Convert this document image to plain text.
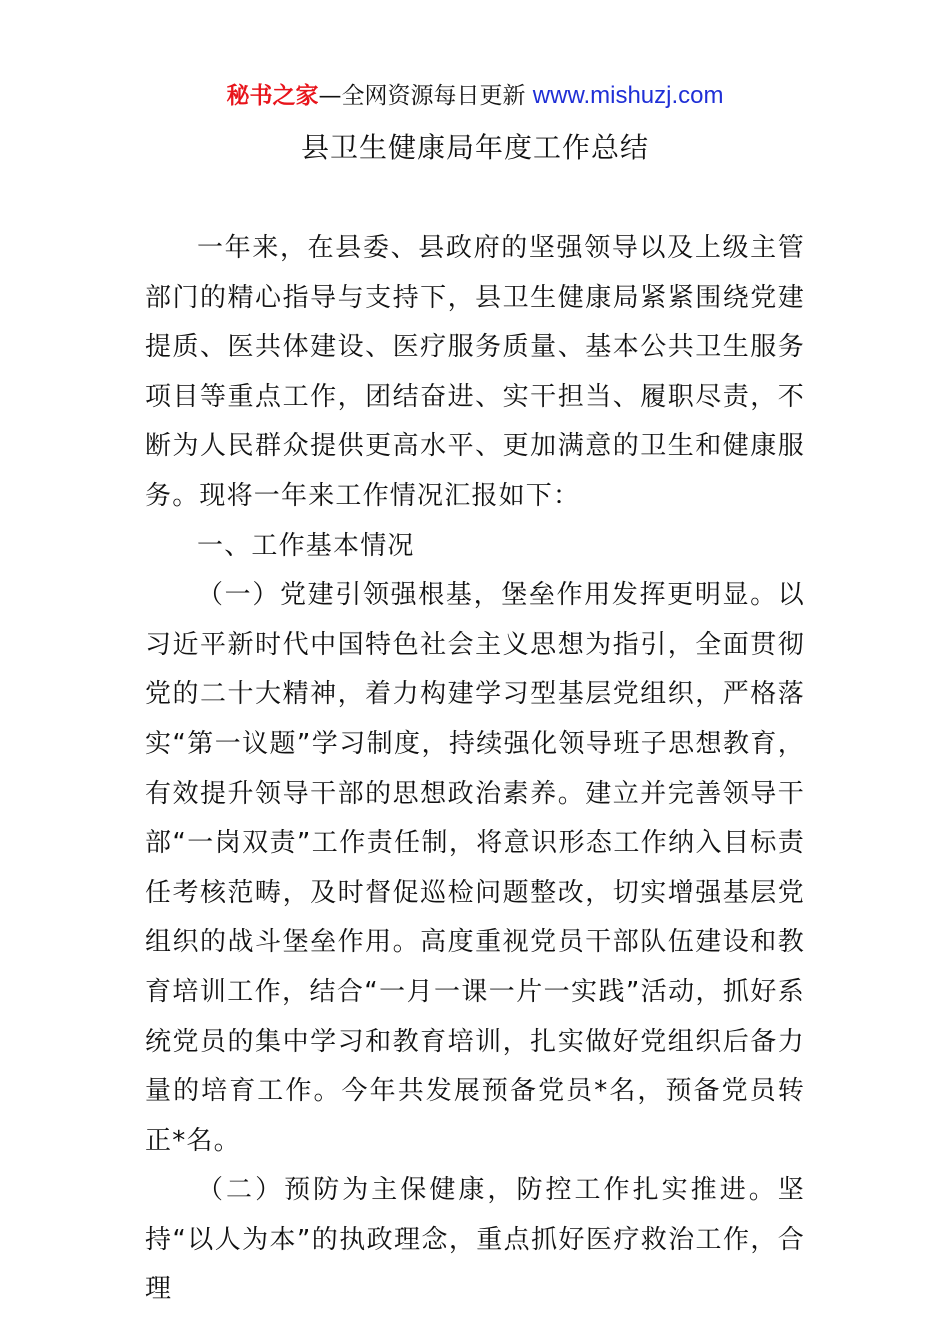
秘书之家—全网资源每日更新 www.mishuzj.com
县卫生健康局年度工作总结

一年来，在县委、县政府的坚强领导以及上级主管部门的精心指导与支持下，县卫生健康局紧紧围绕党建提质、医共体建设、医疗服务质量、基本公共卫生服务项目等重点工作，团结奋进、实干担当、履职尽责，不断为人民群众提供更高水平、更加满意的卫生和健康服务。现将一年来工作情况汇报如下：

一、工作基本情况

（一）党建引领强根基，堡垒作用发挥更明显。以习近平新时代中国特色社会主义思想为指引，全面贯彻党的二十大精神，着力构建学习型基层党组织，严格落实“第一议题”学习制度，持续强化领导班子思想教育，有效提升领导干部的思想政治素养。建立并完善领导干部“一岗双责”工作责任制，将意识形态工作纳入目标责任考核范畴，及时督促巡检问题整改，切实增强基层党组织的战斗堡垒作用。高度重视党员干部队伍建设和教育培训工作，结合“一月一课一片一实践”活动，抓好系统党员的集中学习和教育培训，扎实做好党组织后备力量的培育工作。今年共发展预备党员*名，预备党员转正*名。

（二）预防为主保健康，防控工作扎实推进。坚持“以人为本”的执政理念，重点抓好医疗救治工作，合理
